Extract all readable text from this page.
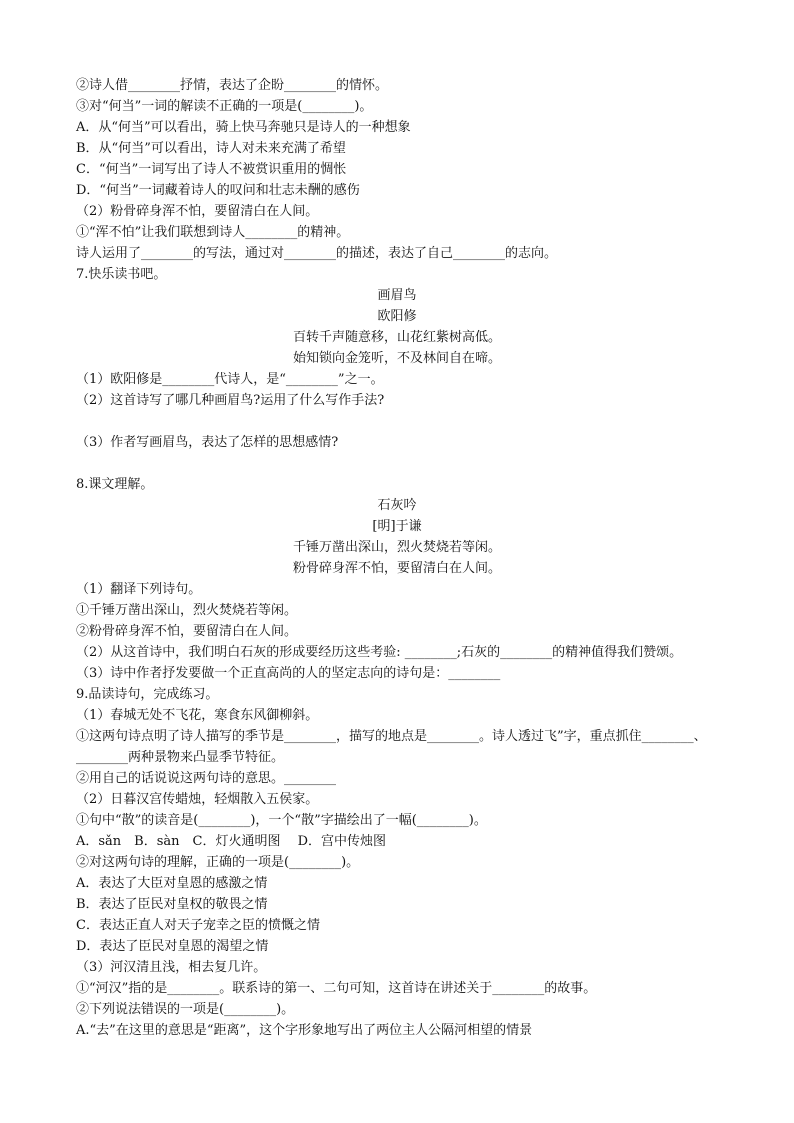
②诗人借________抒情，表达了企盼________的情怀。
③对“何当”一词的解读不正确的一项是(________)。
A．从“何当”可以看出，骑上快马奔驰只是诗人的一种想象
B．从“何当”可以看出，诗人对未来充满了希望
C．“何当”一词写出了诗人不被赏识重用的惆怅
D．“何当”一词藏着诗人的叹问和壮志未酬的感伤
（2）粉骨碎身浑不怕，要留清白在人间。
①“浑不怕”让我们联想到诗人________的精神。
诗人运用了________的写法，通过对________的描述，表达了自己________的志向。
7.快乐读书吧。
画眉鸟
欧阳修
百转千声随意移，山花红紫树高低。
始知锁向金笼听，不及林间自在啼。
（1）欧阳修是________代诗人，是“________”之一。
（2）这首诗写了哪几种画眉鸟?运用了什么写作手法?
（3）作者写画眉鸟，表达了怎样的思想感情?
8.课文理解。
石灰吟
[明]于谦
千锤万凿出深山，烈火焚烧若等闲。
粉骨碎身浑不怕，要留清白在人间。
（1）翻译下列诗句。
①千锤万凿出深山，烈火焚烧若等闲。
②粉骨碎身浑不怕，要留清白在人间。
（2）从这首诗中，我们明白石灰的形成要经历这些考验: ________;石灰的________的精神值得我们赞颂。
（3）诗中作者抒发要做一个正直高尚的人的坚定志向的诗句是：________
9.品读诗句，完成练习。
（1）春城无处不飞花，寒食东风御柳斜。
①这两句诗点明了诗人描写的季节是________，描写的地点是________。诗人透过飞”字，重点抓住________、
________两种景物来凸显季节特征。
②用自己的话说说这两句诗的意思。________
（2）日暮汉宫传蜡烛，轻烟散入五侯家。
①句中“散”的读音是(________)，一个“散”字描绘出了一幅(________)。
A．sǎn　B．sàn　C．灯火通明图　 D．宫中传烛图
②对这两句诗的理解，正确的一项是(________)。
A．表达了大臣对皇恩的感激之情
B．表达了臣民对皇权的敬畏之情
C．表达正直人对天子宠幸之臣的愤慨之情
D．表达了臣民对皇恩的渴望之情
（3）河汉清且浅，相去复几许。
①“河汉”指的是________。联系诗的第一、二句可知，这首诗在讲述关于________的故事。
②下列说法错误的一项是(________)。
A.“去”在这里的意思是“距离”，这个字形象地写出了两位主人公隔河相望的情景
